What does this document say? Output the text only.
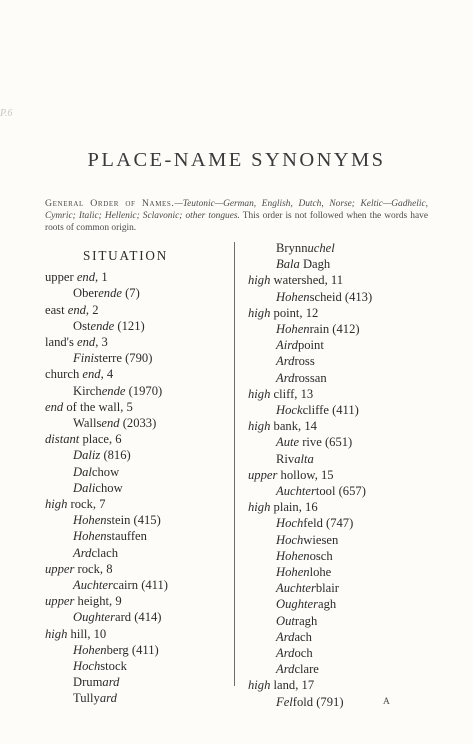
P.6
PLACE-NAME SYNONYMS

General Order of Names.—Teutonic—German, English, Dutch, Norse; Keltic—Gadhelic, Cymric; Italic; Hellenic; Sclavonic; other tongues. This order is not followed when the words have roots of common origin.

SITUATION
upper end, 1
Oberende (7)
east end, 2
Ostende (121)
land's end, 3
Finisterre (790)
church end, 4
Kirchende (1970)
end of the wall, 5
Wallsend (2033)
distant place, 6
Daliz (816)
Dalchow
Dalichow
high rock, 7
Hohenstein (415)
Hohenstauffen
Ardclach
upper rock, 8
Auchtercairn (411)
upper height, 9
Oughterard (414)
high hill, 10
Hohenberg (411)
Hochstock
Drumard
Tullyard
Brynnuchel
Bala Dagh
high watershed, 11
Hohenscheid (413)
high point, 12
Hohenrain (412)
Airdpoint
Ardross
Ardrossan
high cliff, 13
Hockcliffe (411)
high bank, 14
Aute rive (651)
Rivalta
upper hollow, 15
Auchtertool (657)
high plain, 16
Hochfeld (747)
Hochwiesen
Hohenosch
Hohenlohe
Auchterblair
Oughteragh
Outragh
Ardach
Ardoch
Ardclare
high land, 17
Felfold (791)	A
